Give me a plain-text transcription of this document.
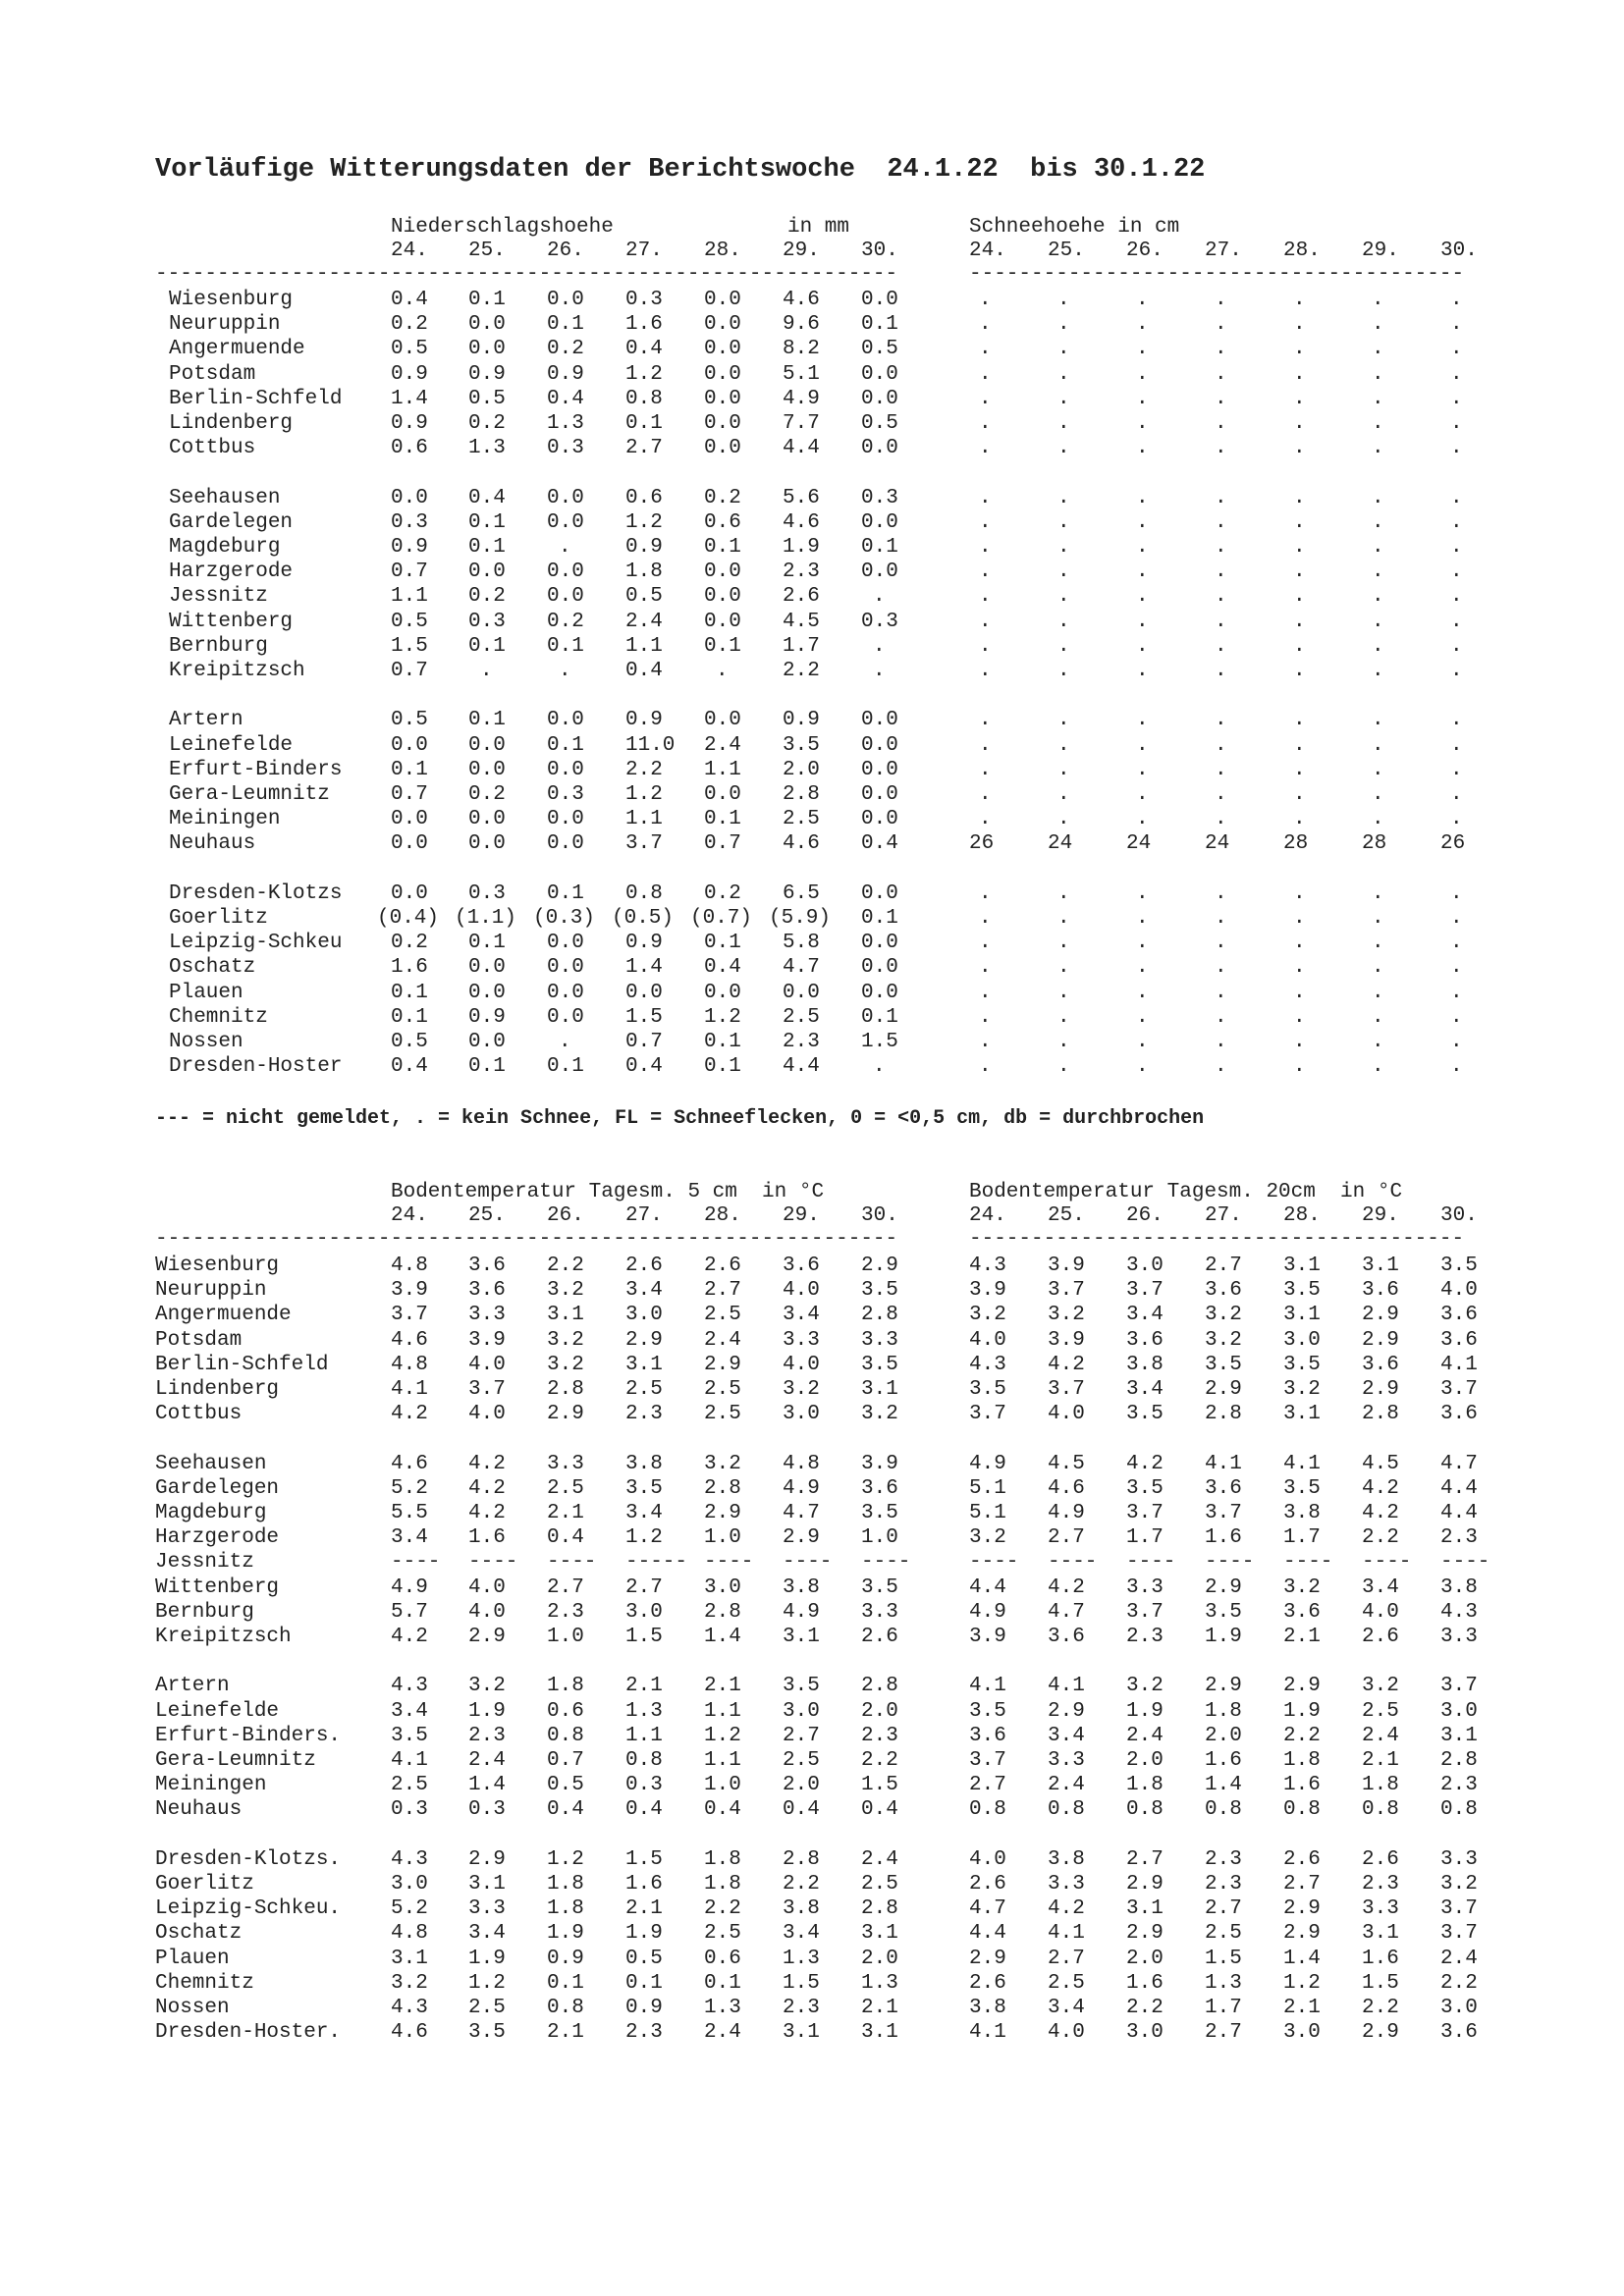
Vorläufige Witterungsdaten der Berichtswoche  24.1.22  bis 30.1.22
--- = nicht gemeldet, . = kein Schnee, FL = Schneeflecken, 0 = <0,5 cm, db = durchbrochen
Niederschlagshoehe	in mm	Schneehoehe in cm
24.	24.
25.	25.
26.	26.
27.	27.
28.	28.
29.	29.
30.	30.
------------------------------------------------------------	----------------------------------------
Wiesenburg	0.4 0.1 0.0 0.3 0.0 4.6 0.0	.	.	.	.	.	.	.
Neuruppin	0.2 0.0 0.1 1.6 0.0 9.6 0.1	.	.	.	.	.	.	.
Angermuende	0.5 0.0 0.2 0.4 0.0 8.2 0.5	.	.	.	.	.	.	.
Potsdam	0.9 0.9 0.9 1.2 0.0 5.1 0.0	.	.	.	.	.	.	.
Berlin-Schfeld 1.4 0.5 0.4 0.8 0.0 4.9 0.0	.	.	.	.	.	.	.
Lindenberg	0.9 0.2 1.3 0.1 0.0 7.7 0.5	.	.	.	.	.	.	.
Cottbus	0.6 1.3 0.3 2.7 0.0 4.4 0.0	.	.	.	.	.	.	.
Seehausen	0.0 0.4 0.0 0.6 0.2 5.6 0.3	.	.	.	.	.	.	.
Gardelegen	0.3 0.1 0.0 1.2 0.6 4.6 0.0	.	.	.	.	.	.	.
Magdeburg	0.9 0.1	.	0.9 0.1 1.9 0.1	.	.	.	.	.	.	.
Harzgerode	0.7 0.0 0.0 1.8 0.0 2.3 0.0	.	.	.	.	.	.	.
Jessnitz	1.1 0.2 0.0 0.5 0.0 2.6	.	.	.	.	.	.	.	.
Wittenberg	0.5 0.3 0.2 2.4 0.0 4.5 0.3	.	.	.	.	.	.	.
Bernburg	1.5 0.1 0.1 1.1 0.1 1.7	.	.	.	.	.	.	.	.
Kreipitzsch	0.7	.	.	0.4	.	2.2	.	.	.	.	.	.	.	.
Artern	0.5 0.1 0.0 0.9 0.0 0.9 0.0	.	.	.	.	.	.	.
Leinefelde	0.0 0.0 0.1 11.0 2.4 3.5 0.0	.	.	.	.	.	.	.
Erfurt-Binders 0.1 0.0 0.0 2.2 1.1 2.0 0.0	.	.	.	.	.	.	.
Gera-Leumnitz	0.7 0.2 0.3 1.2 0.0 2.8 0.0	.	.	.	.	.	.	.
Meiningen	0.0 0.0 0.0 1.1 0.1 2.5 0.0	.	.	.	.	.	.	.
Neuhaus	0.0 0.0 0.0 3.7 0.7 4.6 0.4	26	24	24	24	28	28	26
Dresden-Klotzs 0.0 0.3 0.1 0.8 0.2 6.5 0.0	.	.	.	.	.	.	.
Goerlitz	(0.4) (1.1) (0.3) (0.5) (0.7) (5.9) 0.1	.	.	.	.	.	.	.
Leipzig-Schkeu 0.2 0.1 0.0 0.9 0.1 5.8 0.0	.	.	.	.	.	.	.
Oschatz	1.6 0.0 0.0 1.4 0.4 4.7 0.0	.	.	.	.	.	.	.
Plauen	0.1 0.0 0.0 0.0 0.0 0.0 0.0	.	.	.	.	.	.	.
Chemnitz	0.1 0.9 0.0 1.5 1.2 2.5 0.1	.	.	.	.	.	.	.
Nossen	0.5 0.0	.	0.7 0.1 2.3 1.5	.	.	.	.	.	.	.
Dresden-Hoster 0.4 0.1 0.1 0.4 0.1 4.4	.	.	.	.	.	.	.	.
Bodentemperatur Tagesm. 5 cm  in °C	Bodentemperatur Tagesm. 20cm  in °C
24.	24.
25.	25.
26.	26.
27.	27.
28.	28.
29.	29.
30.	30.
------------------------------------------------------------	----------------------------------------
Wiesenburg	4.8 3.6 2.2 2.6 2.6 3.6 2.9	4.3 3.9 3.0 2.7 3.1 3.1 3.5
Neuruppin	3.9 3.6 3.2 3.4 2.7 4.0 3.5	3.9 3.7 3.7 3.6 3.5 3.6 4.0
Angermuende	3.7 3.3 3.1 3.0 2.5 3.4 2.8	3.2 3.2 3.4 3.2 3.1 2.9 3.6
Potsdam	4.6 3.9 3.2 2.9 2.4 3.3 3.3	4.0 3.9 3.6 3.2 3.0 2.9 3.6
Berlin-Schfeld	4.8 4.0 3.2 3.1 2.9 4.0 3.5	4.3 4.2 3.8 3.5 3.5 3.6 4.1
Lindenberg	4.1 3.7 2.8 2.5 2.5 3.2 3.1	3.5 3.7 3.4 2.9 3.2 2.9 3.7
Cottbus	4.2 4.0 2.9 2.3 2.5 3.0 3.2	3.7 4.0 3.5 2.8 3.1 2.8 3.6
Seehausen	4.6 4.2 3.3 3.8 3.2 4.8 3.9	4.9 4.5 4.2 4.1 4.1 4.5 4.7
Gardelegen	5.2 4.2 2.5 3.5 2.8 4.9 3.6	5.1 4.6 3.5 3.6 3.5 4.2 4.4
Magdeburg	5.5 4.2 2.1 3.4 2.9 4.7 3.5	5.1 4.9 3.7 3.7 3.8 4.2 4.4
Harzgerode	3.4 1.6 0.4 1.2 1.0 2.9 1.0	3.2 2.7 1.7 1.6 1.7 2.2 2.3
Jessnitz	---- ---- ---- ----- ---- ---- ----	---- ---- ---- ---- ---- ---- ----
Wittenberg	4.9 4.0 2.7 2.7 3.0 3.8 3.5	4.4 4.2 3.3 2.9 3.2 3.4 3.8
Bernburg	5.7 4.0 2.3 3.0 2.8 4.9 3.3	4.9 4.7 3.7 3.5 3.6 4.0 4.3
Kreipitzsch	4.2 2.9 1.0 1.5 1.4 3.1 2.6	3.9 3.6 2.3 1.9 2.1 2.6 3.3
Artern	4.3 3.2 1.8 2.1 2.1 3.5 2.8	4.1 4.1 3.2 2.9 2.9 3.2 3.7
Leinefelde	3.4 1.9 0.6 1.3 1.1 3.0 2.0	3.5 2.9 1.9 1.8 1.9 2.5 3.0
Erfurt-Binders. 3.5 2.3 0.8 1.1 1.2 2.7 2.3	3.6 3.4 2.4 2.0 2.2 2.4 3.1
Gera-Leumnitz	4.1 2.4 0.7 0.8 1.1 2.5 2.2	3.7 3.3 2.0 1.6 1.8 2.1 2.8
Meiningen	2.5 1.4 0.5 0.3 1.0 2.0 1.5	2.7 2.4 1.8 1.4 1.6 1.8 2.3
Neuhaus	0.3 0.3 0.4 0.4 0.4 0.4 0.4	0.8 0.8 0.8 0.8 0.8 0.8 0.8
Dresden-Klotzs. 4.3 2.9 1.2 1.5 1.8 2.8 2.4	4.0 3.8 2.7 2.3 2.6 2.6 3.3
Goerlitz	3.0 3.1 1.8 1.6 1.8 2.2 2.5	2.6 3.3 2.9 2.3 2.7 2.3 3.2
Leipzig-Schkeu. 5.2 3.3 1.8 2.1 2.2 3.8 2.8	4.7 4.2 3.1 2.7 2.9 3.3 3.7
Oschatz	4.8 3.4 1.9 1.9 2.5 3.4 3.1	4.4 4.1 2.9 2.5 2.9 3.1 3.7
Plauen	3.1 1.9 0.9 0.5 0.6 1.3 2.0	2.9 2.7 2.0 1.5 1.4 1.6 2.4
Chemnitz	3.2 1.2 0.1 0.1 0.1 1.5 1.3	2.6 2.5 1.6 1.3 1.2 1.5 2.2
Nossen	4.3 2.5 0.8 0.9 1.3 2.3 2.1	3.8 3.4 2.2 1.7 2.1 2.2 3.0
Dresden-Hoster. 4.6 3.5 2.1 2.3 2.4 3.1 3.1	4.1 4.0 3.0 2.7 3.0 2.9 3.6
